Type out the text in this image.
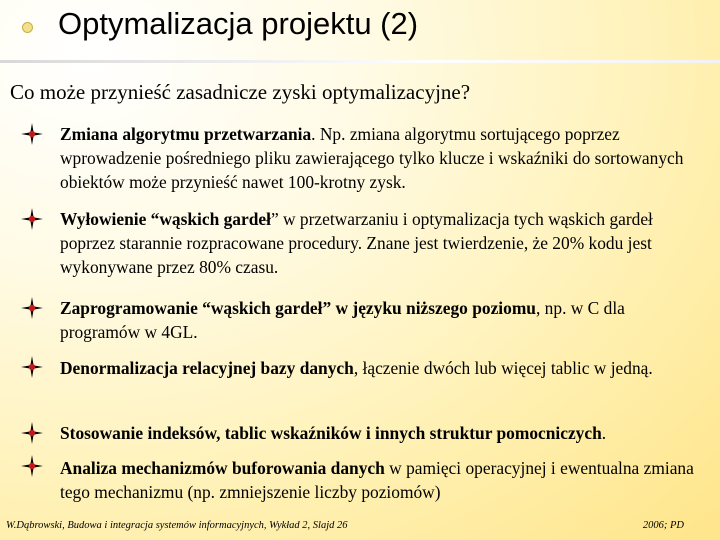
Optymalizacja projektu (2)
Co może przynieść zasadnicze zyski optymalizacyjne?
Zmiana algorytmu przetwarzania. Np. zmiana algorytmu sortującego poprzez wprowadzenie pośredniego pliku zawierającego tylko klucze i wskaźniki do sortowanych obiektów może przynieść nawet 100-krotny zysk.
Wyłowienie “wąskich gardeł” w przetwarzaniu i optymalizacja tych wąskich gardeł poprzez starannie rozpracowane procedury. Znane jest twierdzenie, że 20% kodu jest wykonywane przez 80% czasu.
Zaprogramowanie “wąskich gardeł” w języku niższego poziomu, np. w C dla programów w 4GL.
Denormalizacja relacyjnej bazy danych, łączenie dwóch lub więcej tablic w jedną.
Stosowanie indeksów, tablic wskaźników i innych struktur pomocniczych.
Analiza mechanizmów buforowania danych w pamięci operacyjnej i ewentualna zmiana tego mechanizmu (np. zmniejszenie liczby poziomów)
W.Dąbrowski, Budowa i integracja systemów informacyjnych, Wykład 2, Slajd 26	2006; PD
